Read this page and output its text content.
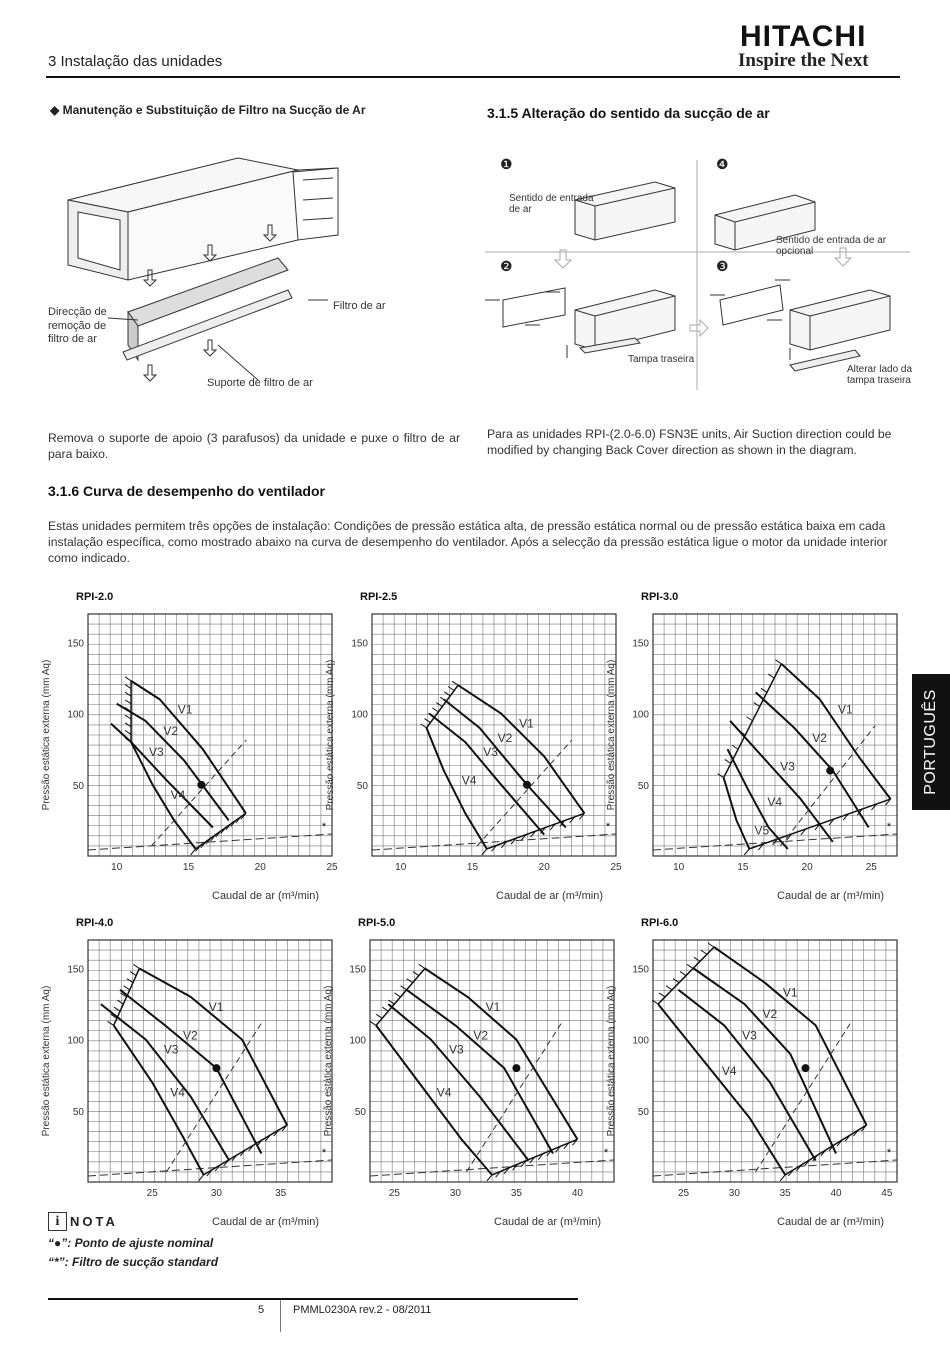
3 Instalação das unidades
HITACHI
Inspire the Next
PORTUGUÊS
◆ Manutenção e Substituição de Filtro na Sucção de Ar
Direcção de
remoção de
filtro de ar
Filtro de ar
Suporte de filtro de ar
Remova o suporte de apoio (3 parafusos) da unidade e puxe o filtro de ar para baixo.
3.1.5 Alteração do sentido da sucção de ar
❶
❷	❸
❹
Sentido de entrada
de ar
Sentido de entrada de ar
opcional
Tampa traseira
Alterar lado da
tampa traseira
Para as unidades RPI-(2.0-6.0) FSN3E units, Air Suction direction could be modified by changing Back Cover direction as shown in the diagram.
3.1.6 Curva de desempenho do ventilador
Estas unidades permitem três opções de instalação: Condições de pressão estática alta, de pressão estática normal ou de pressão estática baixa em cada instalação específica, como mostrado abaixo na curva de desempenho do ventilador. Após a selecção da pressão estática ligue o motor da unidade interior como indicado.
RPI-2.0
Pressão estática externa (mm Aq)
Caudal de ar (m³/min)
50
100
150
10	15	20	25
*
V1
V2
V3
V4
RPI-2.5
Pressão estática externa (mm Aq)
Caudal de ar (m³/min)
50
100
150
10	15	20	25
*
V1
V2
V3
V4
RPI-3.0
Pressão estática externa (mm Aq)
Caudal de ar (m³/min)
50
100
150
10	15	20	25
*
V1
V2
V3
V4
V5
RPI-4.0
Pressão estática externa (mm Aq)
Caudal de ar (m³/min)
50
100
150
25	30	35
*
V1
V2
V3
V4
RPI-5.0
Pressão estática externa (mm Aq)
Caudal de ar (m³/min)
50
100
150
25	30	35	40
*
V1
V2
V3
V4
RPI-6.0
Pressão estática externa (mm Aq)
Caudal de ar (m³/min)
50
100
150
25	30	35	40	45
*
V1
V2
V3
V4
i NOTA
“●”: Ponto de ajuste nominal
“*”: Filtro de sucção standard
5	PMML0230A rev.2 - 08/2011
